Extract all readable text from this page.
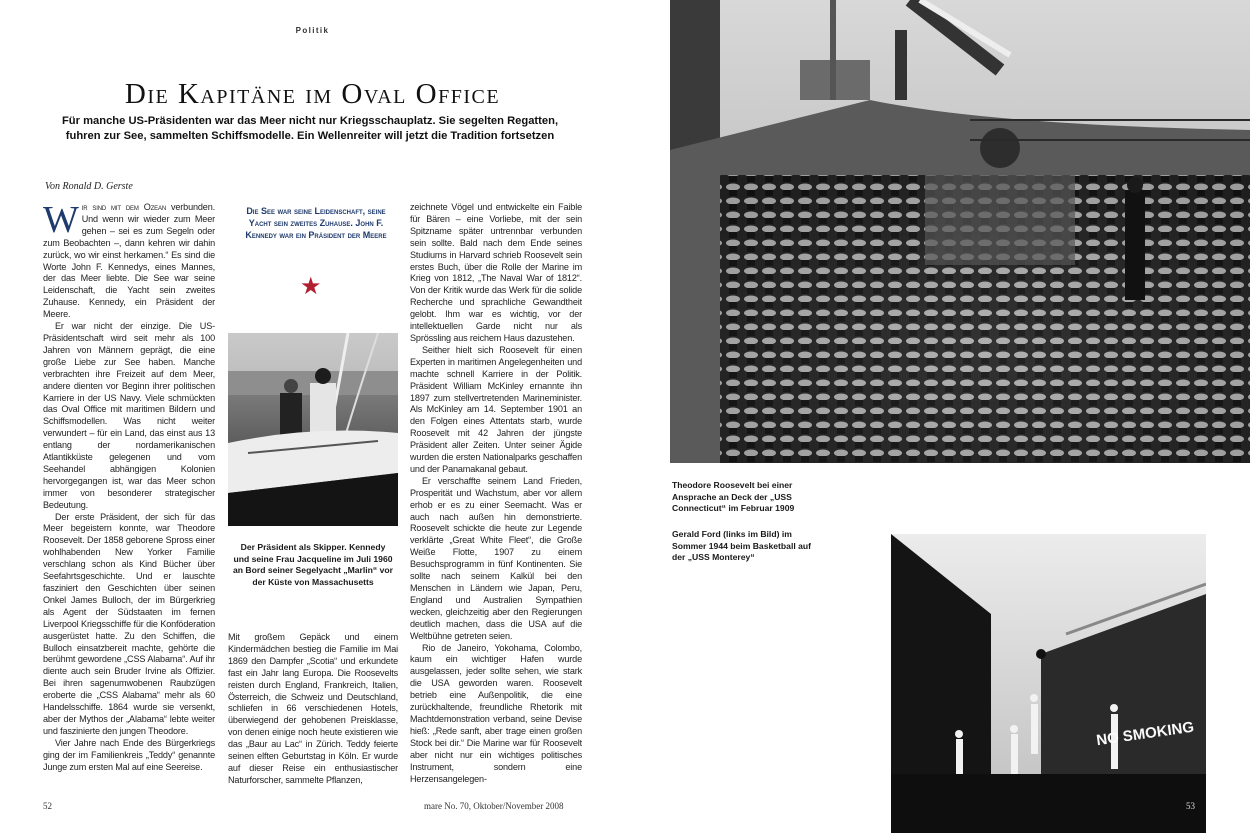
Politik
Die Kapitäne im Oval Office
Für manche US-Präsidenten war das Meer nicht nur Kriegsschauplatz. Sie segelten Regatten, fuhren zur See, sammelten Schiffsmodelle. Ein Wellenreiter will jetzt die Tradition fortsetzen
Von Ronald D. Gerste

Wir sind mit dem Ozean verbunden. Und wenn wir wieder zum Meer gehen – sei es zum Segeln oder zum Beobachten –, dann kehren wir dahin zurück, wo wir einst herkamen.“ Es sind die Worte John F. Kennedys, eines Mannes, der das Meer liebte. Die See war seine Leidenschaft, die Yacht sein zweites Zuhause. Kennedy, ein Präsident der Meere.

Er war nicht der einzige. Die US-Präsidentschaft wird seit mehr als 100 Jahren von Männern geprägt, die eine große Liebe zur See haben. Manche verbrachten ihre Freizeit auf dem Meer, andere dienten vor Beginn ihrer politischen Karriere in der US Navy. Viele schmückten das Oval Office mit maritimen Bildern und Schiffsmodellen. Was nicht weiter verwundert – für ein Land, das einst aus 13 entlang der nordamerikanischen Atlantikküste gelegenen und vom Seehandel abhängigen Kolonien hervorgegangen ist, war das Meer schon immer von besonderer strategischer Bedeutung.

Der erste Präsident, der sich für das Meer begeistern konnte, war Theodore Roosevelt. Der 1858 geborene Spross einer wohlhabenden New Yorker Familie verschlang schon als Kind Bücher über Seefahrtsgeschichte. Und er lauschte fasziniert den Geschichten über seinen Onkel James Bulloch, der im Bürgerkrieg als Agent der Südstaaten im fernen Liverpool Kriegsschiffe für die Konföderation ausgerüstet hatte. Zu den Schiffen, die Bulloch einsatzbereit machte, gehörte die berühmt gewordene „CSS Alabama“. Auf ihr diente auch sein Bruder Irvine als Offizier. Bei ihren sagenumwobenen Raubzügen eroberte die „CSS Alabama“ mehr als 60 Handelsschiffe. 1864 wurde sie versenkt, aber der Mythos der „Alabama“ lebte weiter und faszinierte den jungen Theodore.

Vier Jahre nach Ende des Bürgerkriegs ging der im Familienkreis „Teddy“ genannte Junge zum ersten Mal auf eine Seereise.

Die See war seine Leidenschaft, seine Yacht sein zweites Zuhause. John F. Kennedy war ein Präsident der Meere
★
Der Präsident als Skipper. Kennedy und seine Frau Jacqueline im Juli 1960 an Bord seiner Segelyacht „Marlin“ vor der Küste von Massachusetts

Mit großem Gepäck und einem Kindermädchen bestieg die Familie im Mai 1869 den Dampfer „Scotia“ und erkundete fast ein Jahr lang Europa. Die Roosevelts reisten durch England, Frankreich, Italien, Österreich, die Schweiz und Deutschland, schliefen in 66 verschiedenen Hotels, überwiegend der gehobenen Preisklasse, von denen einige noch heute existieren wie das „Baur au Lac“ in Zürich. Teddy feierte seinen elften Geburtstag in Köln. Er wurde auf dieser Reise ein enthusiastischer Naturforscher, sammelte Pflanzen,

zeichnete Vögel und entwickelte ein Faible für Bären – eine Vorliebe, mit der sein Spitzname später untrennbar verbunden sein sollte. Bald nach dem Ende seines Studiums in Harvard schrieb Roosevelt sein erstes Buch, über die Rolle der Marine im Krieg von 1812, „The Naval War of 1812“. Von der Kritik wurde das Werk für die solide Recherche und sprachliche Gewandtheit gelobt. Ihm war es wichtig, vor der intellektuellen Garde nicht nur als Sprössling aus reichem Haus dazustehen.

Seither hielt sich Roosevelt für einen Experten in maritimen Angelegenheiten und machte schnell Karriere in der Politik. Präsident William McKinley ernannte ihn 1897 zum stellvertretenden Marineminister. Als McKinley am 14. September 1901 an den Folgen eines Attentats starb, wurde Roosevelt mit 42 Jahren der jüngste Präsident aller Zeiten. Unter seiner Ägide wurden die ersten Nationalparks geschaffen und der Panamakanal gebaut.

Er verschaffte seinem Land Frieden, Prosperität und Wachstum, aber vor allem erhob er es zu einer Seemacht. Was er auch nach außen hin demonstrierte. Roosevelt schickte die heute zur Legende verklärte „Great White Fleet“, die Große Weiße Flotte, 1907 zu einem Besuchsprogramm in fünf Kontinenten. Sie sollte nach seinem Kalkül bei den Menschen in Ländern wie Japan, Peru, England und Australien Sympathien wecken, gleichzeitig aber den Regierungen deutlich machen, dass die USA auf die Weltbühne getreten seien.

Rio de Janeiro, Yokohama, Colombo, kaum ein wichtiger Hafen wurde ausgelassen, jeder sollte sehen, wie stark die USA geworden waren. Roosevelt betrieb eine Außenpolitik, die eine zurückhaltende, freundliche Rhetorik mit Machtdemonstration verband, seine Devise hieß: „Rede sanft, aber trage einen großen Stock bei dir.“ Die Marine war für Roosevelt aber nicht nur ein wichtiges politisches Instrument, sondern eine Herzensangelegen-

52	mare No. 70, Oktober/November 2008
Theodore Roosevelt bei einer Ansprache an Deck der „USS Connecticut“ im Februar 1909
Gerald Ford (links im Bild) im Sommer 1944 beim Basketball auf der „USS Monterey“
NO SMOKING
53
